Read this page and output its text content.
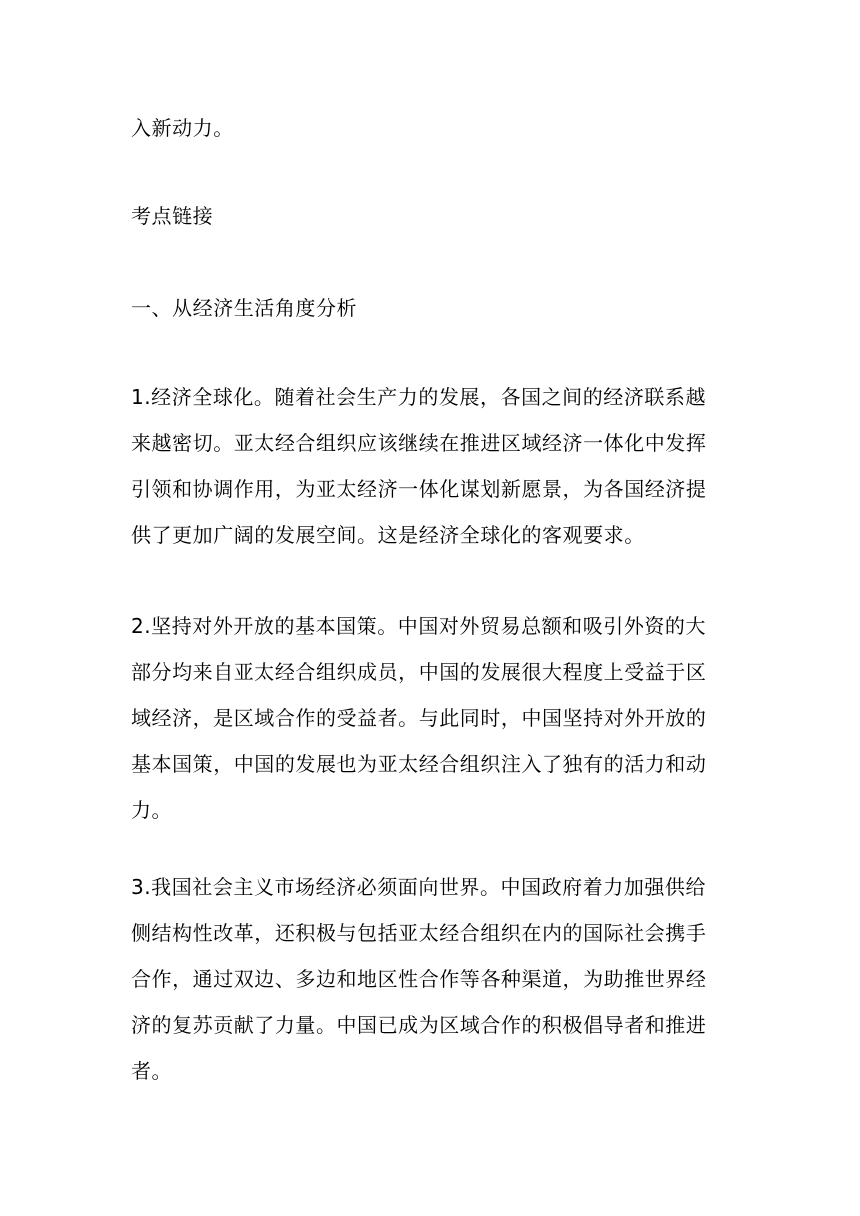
入新动力。

考点链接

一、从经济生活角度分析

1.经济全球化。随着社会生产力的发展，各国之间的经济联系越
来越密切。亚太经合组织应该继续在推进区域经济一体化中发挥
引领和协调作用，为亚太经济一体化谋划新愿景，为各国经济提
供了更加广阔的发展空间。这是经济全球化的客观要求。

2.坚持对外开放的基本国策。中国对外贸易总额和吸引外资的大
部分均来自亚太经合组织成员，中国的发展很大程度上受益于区
域经济，是区域合作的受益者。与此同时，中国坚持对外开放的
基本国策，中国的发展也为亚太经合组织注入了独有的活力和动
力。

3.我国社会主义市场经济必须面向世界。中国政府着力加强供给
侧结构性改革，还积极与包括亚太经合组织在内的国际社会携手
合作，通过双边、多边和地区性合作等各种渠道，为助推世界经
济的复苏贡献了力量。中国已成为区域合作的积极倡导者和推进
者。
